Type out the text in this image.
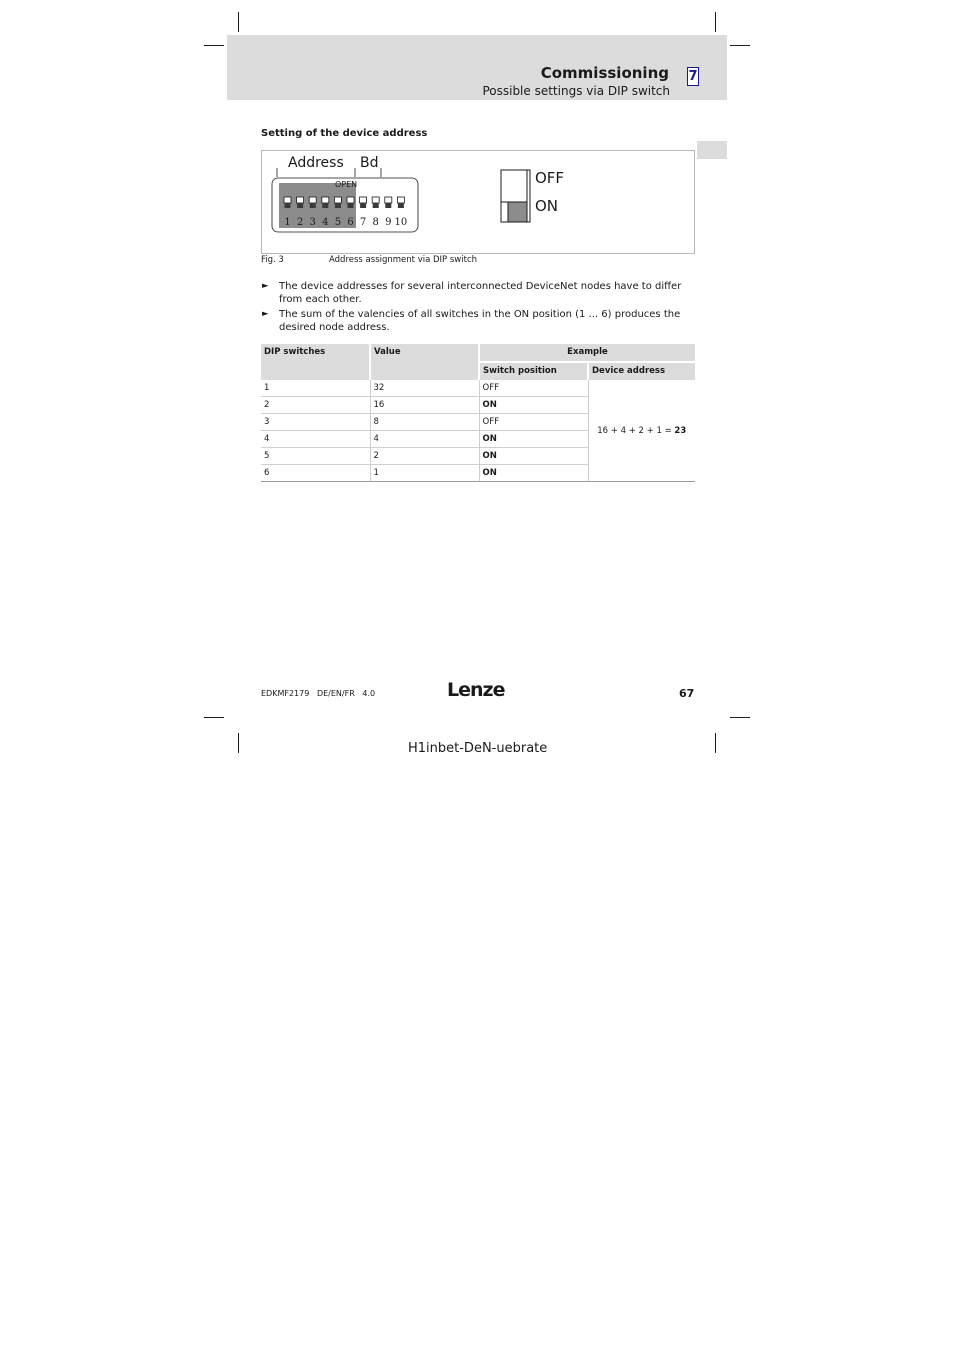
Commissioning
Possible settings via DIP switch
7
Setting of the device address
Address Bd
OPEN
1 2 3 4 5 6 7 8 9 10
OFF
ON
Fig. 3	Address assignment via DIP switch
► The device addresses for several interconnected DeviceNet nodes have to differ from each other.
► The sum of the valencies of all switches in the ON position (1 ... 6) produces the desired node address.
DIP switches	Value	Example	
		Switch position	Device address
1	32	OFF	16 + 4 + 2 + 1 = 23
2	16	ON	
3	8	OFF	
4	4	ON	
5	2	ON	
6	1	ON	
EDKMF2179   DE/EN/FR   4.0	Lenze	67
H1inbet-DeN-uebrate
